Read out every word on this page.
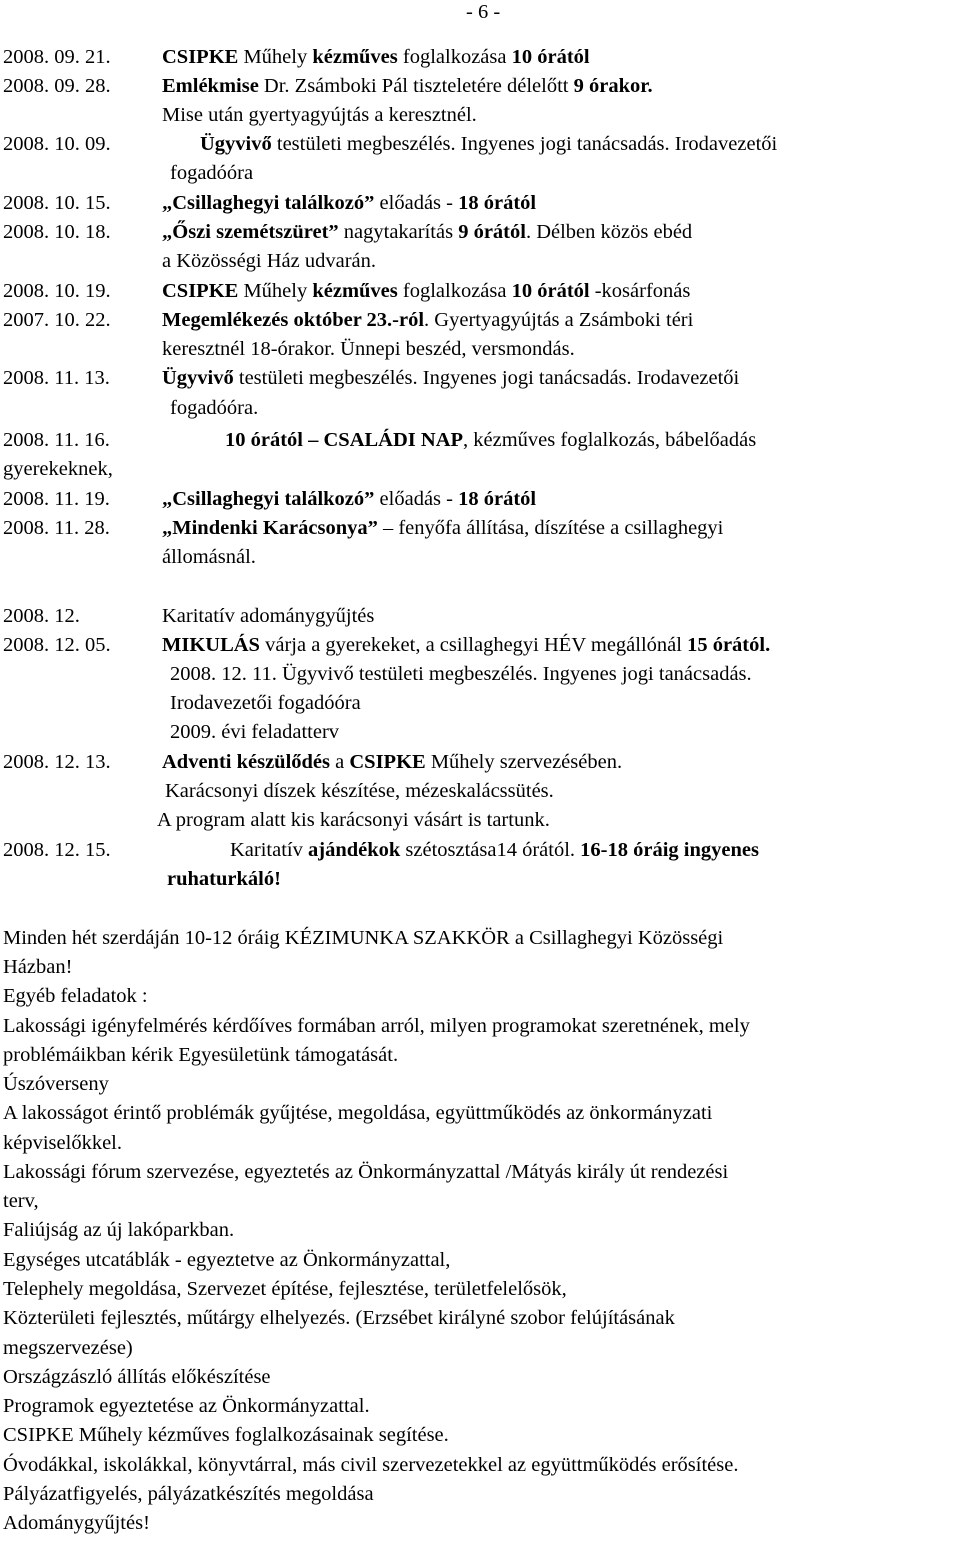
- 6 -
2008. 09. 21.	CSIPKE Műhely kézműves foglalkozása 10 órától
2008. 09. 28.	Emlékmise Dr. Zsámboki Pál tiszteletére délelőtt 9 órakor.
Mise után gyertyagyújtás a keresztnél.
2008. 10. 09.	Ügyvivő testületi megbeszélés. Ingyenes jogi tanácsadás. Irodavezetői
fogadóóra
2008. 10. 15.	„Csillaghegyi találkozó” előadás - 18 órától
2008. 10. 18.	„Őszi szemétszüret” nagytakarítás 9 órától. Délben közös ebéd
a Közösségi Ház udvarán.
2008. 10. 19.	CSIPKE Műhely kézműves foglalkozása 10 órától -kosárfonás
2007. 10. 22.	Megemlékezés október 23.-ról. Gyertyagyújtás a Zsámboki téri
keresztnél 18-órakor. Ünnepi beszéd, versmondás.
2008. 11. 13.	Ügyvivő testületi megbeszélés. Ingyenes jogi tanácsadás. Irodavezetői
fogadóóra.
2008. 11. 16.	10 órától – CSALÁDI NAP, kézműves foglalkozás, bábelőadás
gyerekeknek,
2008. 11. 19.	„Csillaghegyi találkozó” előadás - 18 órától
2008. 11. 28.	„Mindenki Karácsonya” – fenyőfa állítása, díszítése a csillaghegyi
állomásnál.
2008. 12.	Karitatív adománygyűjtés
2008. 12. 05.	MIKULÁS várja a gyerekeket, a csillaghegyi HÉV megállónál 15 órától.
2008. 12. 11. Ügyvivő testületi megbeszélés. Ingyenes jogi tanácsadás.
Irodavezetői fogadóóra
2009. évi feladatterv
2008. 12. 13.	Adventi készülődés a CSIPKE Műhely szervezésében.
Karácsonyi díszek készítése, mézeskalácssütés.
A program alatt kis karácsonyi vásárt is tartunk.
2008. 12. 15.	Karitatív ajándékok szétosztása14 órától. 16-18 óráig ingyenes
ruhaturkáló!
Minden hét szerdáján 10-12 óráig KÉZIMUNKA SZAKKÖR a Csillaghegyi Közösségi
Házban!
Egyéb feladatok :
Lakossági igényfelmérés kérdőíves formában arról, milyen programokat szeretnének, mely
problémáikban kérik Egyesületünk támogatását.
Úszóverseny
A lakosságot érintő problémák gyűjtése, megoldása, együttműködés az önkormányzati
képviselőkkel.
Lakossági fórum szervezése, egyeztetés az Önkormányzattal /Mátyás király út rendezési
terv,
Faliújság az új lakóparkban.
Egységes utcatáblák - egyeztetve az Önkormányzattal,
Telephely megoldása, Szervezet építése, fejlesztése, területfelelősök,
Közterületi fejlesztés, műtárgy elhelyezés. (Erzsébet királyné szobor felújításának
megszervezése)
Országzászló állítás előkészítése
Programok egyeztetése az Önkormányzattal.
CSIPKE Műhely kézműves foglalkozásainak segítése.
Óvodákkal, iskolákkal, könyvtárral, más civil szervezetekkel az együttműködés erősítése.
Pályázatfigyelés, pályázatkészítés megoldása
Adománygyűjtés!
